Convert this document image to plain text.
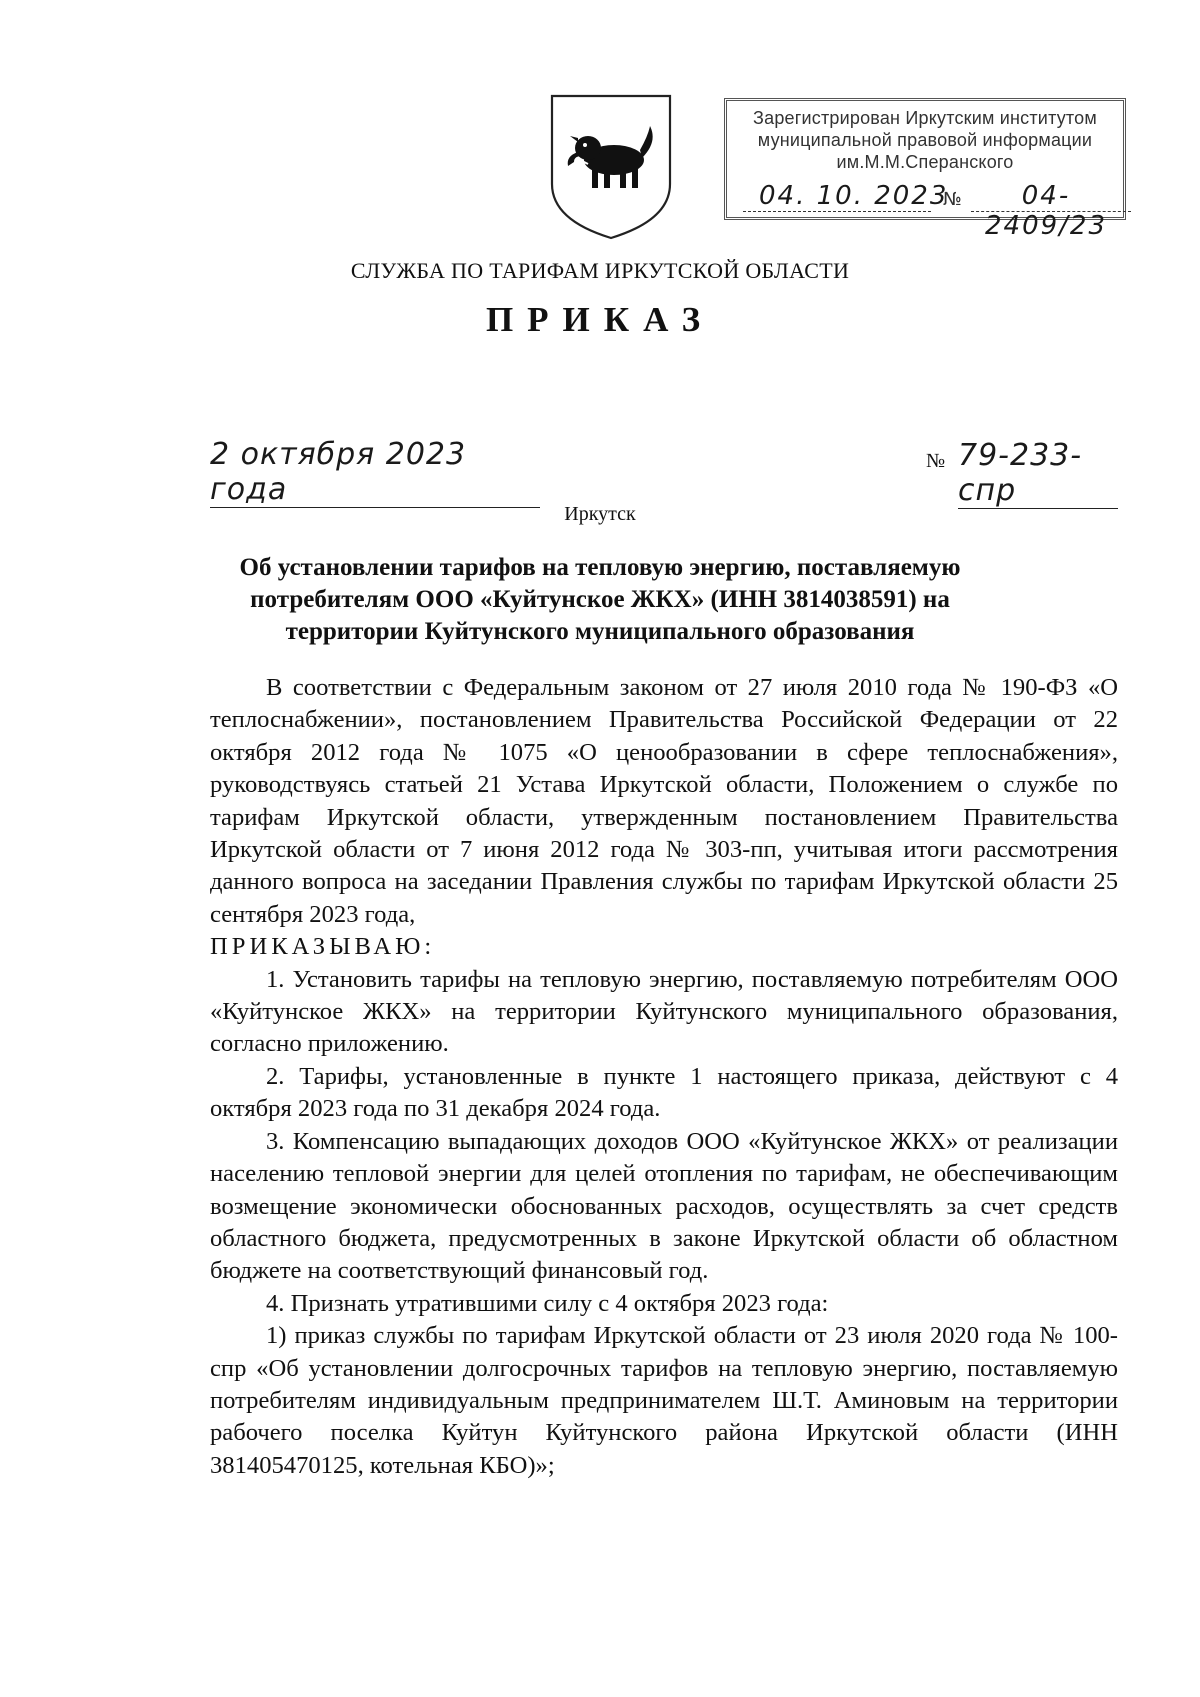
Зарегистрирован Иркутским институтом
муниципальной правовой информации
им.М.М.Сперанского
04. 10. 2023
№	04- 2409/23
СЛУЖБА ПО ТАРИФАМ ИРКУТСКОЙ ОБЛАСТИ
ПРИКАЗ
2 октября 2023 года
№ 79-233-спр
Иркутск
Об установлении тарифов на тепловую энергию, поставляемую потребителям ООО «Куйтунское ЖКХ» (ИНН 3814038591) на территории Куйтунского муниципального образования

В соответствии с Федеральным законом от 27 июля 2010 года № 190-ФЗ «О теплоснабжении», постановлением Правительства Российской Федерации от 22 октября 2012 года № 1075 «О ценообразовании в сфере теплоснабжения», руководствуясь статьей 21 Устава Иркутской области, Положением о службе по тарифам Иркутской области, утвержденным постановлением Правительства Иркутской области от 7 июня 2012 года № 303-пп, учитывая итоги рассмотрения данного вопроса на заседании Правления службы по тарифам Иркутской области 25 сентября 2023 года,

ПРИКАЗЫВАЮ:

1. Установить тарифы на тепловую энергию, поставляемую потребителям ООО «Куйтунское ЖКХ» на территории Куйтунского муниципального образования, согласно приложению.

2. Тарифы, установленные в пункте 1 настоящего приказа, действуют с 4 октября 2023 года по 31 декабря 2024 года.

3. Компенсацию выпадающих доходов ООО «Куйтунское ЖКХ» от реализации населению тепловой энергии для целей отопления по тарифам, не обеспечивающим возмещение экономически обоснованных расходов, осуществлять за счет средств областного бюджета, предусмотренных в законе Иркутской области об областном бюджете на соответствующий финансовый год.

4. Признать утратившими силу с 4 октября 2023 года:

1) приказ службы по тарифам Иркутской области от 23 июля 2020 года № 100-спр «Об установлении долгосрочных тарифов на тепловую энергию, поставляемую потребителям индивидуальным предпринимателем Ш.Т. Аминовым на территории рабочего поселка Куйтун Куйтунского района Иркутской области (ИНН 381405470125, котельная КБО)»;
